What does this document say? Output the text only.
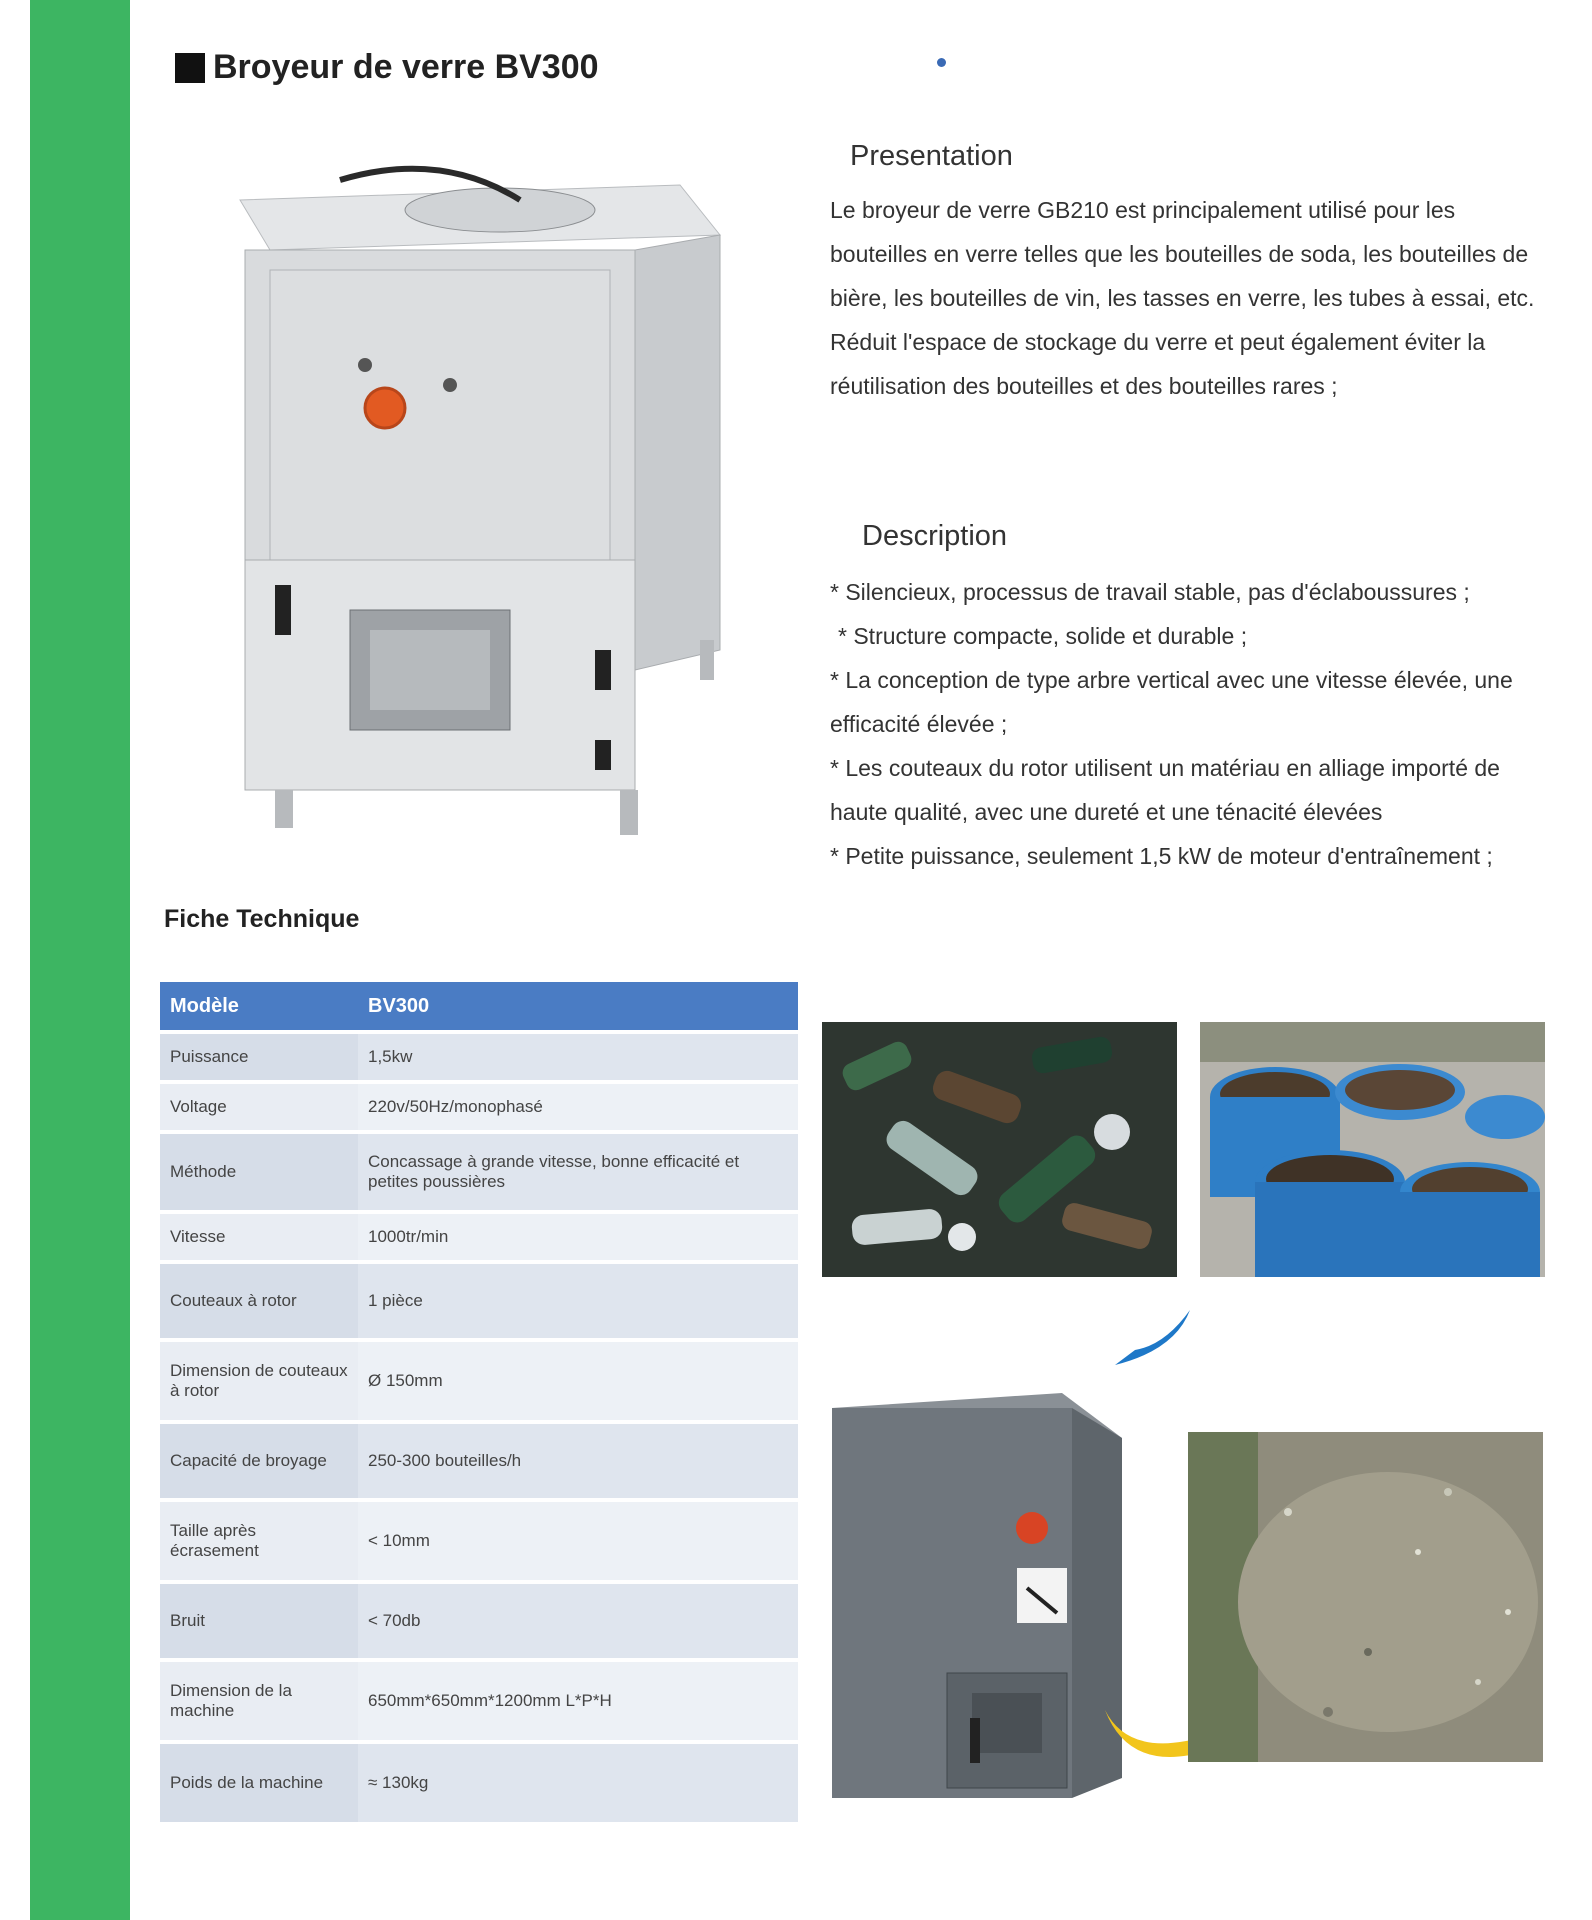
Broyeur de verre BV300
Presentation
Le broyeur de verre GB210 est principalement utilisé pour les bouteilles en verre telles que les bouteilles de soda, les bouteilles de bière, les bouteilles de vin, les tasses en verre, les tubes à essai, etc. Réduit l'espace de stockage du verre et peut également éviter la réutilisation des bouteilles et des bouteilles rares ;
Description
* Silencieux, processus de travail stable, pas d'éclaboussures ;
* Structure compacte, solide et durable ;
* La conception de type arbre vertical avec une vitesse élevée, une efficacité élevée ;
* Les couteaux du rotor utilisent un matériau en alliage importé de haute qualité, avec une dureté et une ténacité élevées
* Petite puissance, seulement 1,5 kW de moteur d'entraînement ;
Fiche Technique
Modèle	BV300
Puissance	1,5kw
Voltage	220v/50Hz/monophasé
Méthode	Concassage à grande vitesse, bonne efficacité et petites poussières
Vitesse	1000tr/min
Couteaux à rotor	1 pièce
Dimension de couteaux à rotor	Ø 150mm
Capacité de broyage	250-300 bouteilles/h
Taille après écrasement	< 10mm
Bruit	< 70db
Dimension de la machine	650mm*650mm*1200mm L*P*H
Poids de la machine	≈ 130kg
